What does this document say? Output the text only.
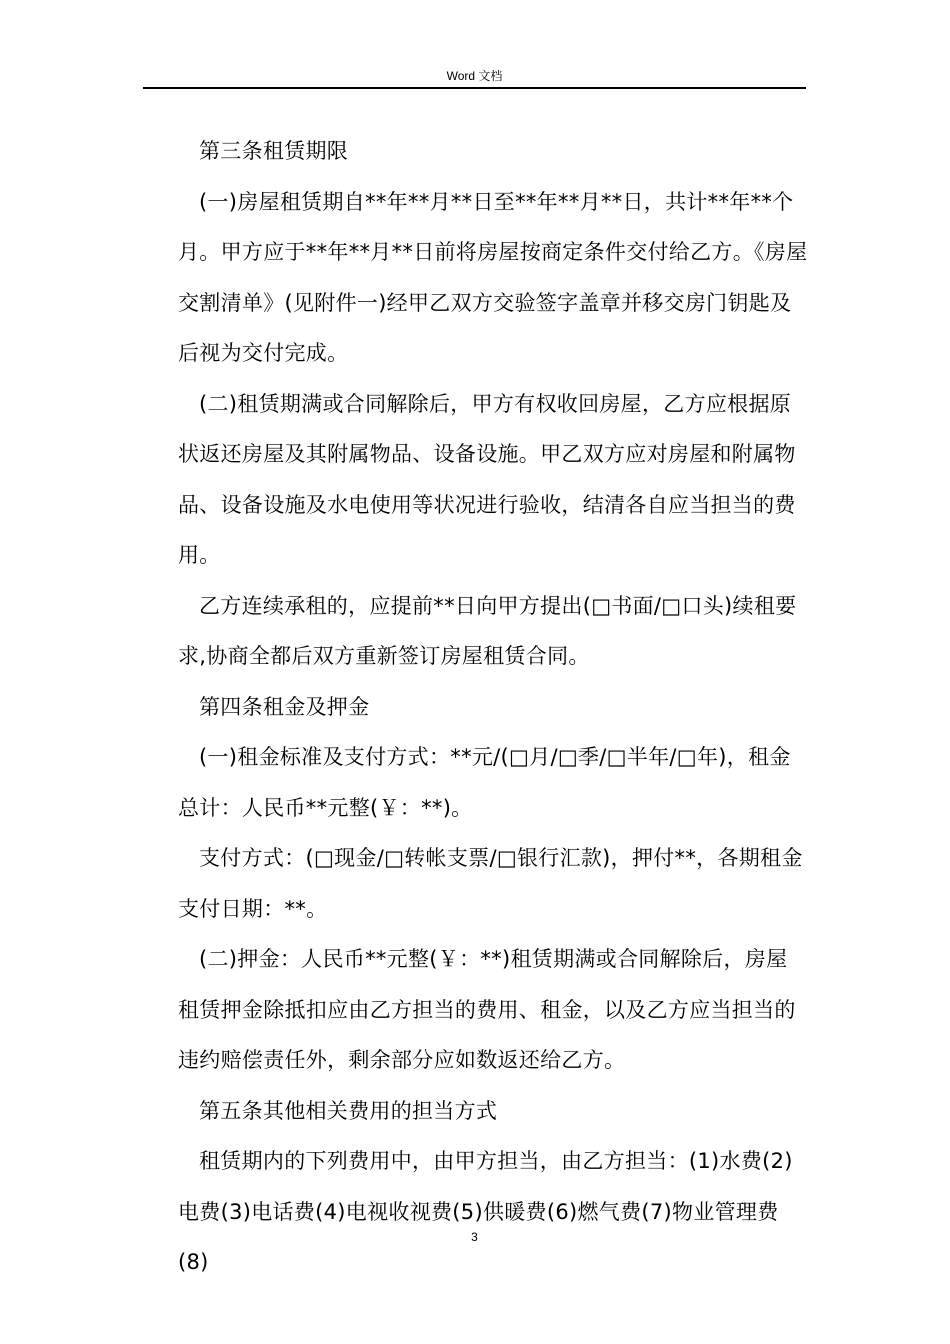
Word 文档

第三条租赁期限

(一)房屋租赁期自**年**月**日至**年**月**日，共计**年**个月。甲方应于**年**月**日前将房屋按商定条件交付给乙方。《房屋交割清单》(见附件一)经甲乙双方交验签字盖章并移交房门钥匙及后视为交付完成。

(二)租赁期满或合同解除后，甲方有权收回房屋，乙方应根据原状返还房屋及其附属物品、设备设施。甲乙双方应对房屋和附属物品、设备设施及水电使用等状况进行验收，结清各自应当担当的费用。

乙方连续承租的，应提前**日向甲方提出(□书面/□口头)续租要求,协商全都后双方重新签订房屋租赁合同。

第四条租金及押金

(一)租金标准及支付方式：**元/(□月/□季/□半年/□年)，租金总计：人民币**元整(￥：**)。

支付方式：(□现金/□转帐支票/□银行汇款)，押付**，各期租金支付日期：**。

(二)押金：人民币**元整(￥：**)租赁期满或合同解除后，房屋租赁押金除抵扣应由乙方担当的费用、租金，以及乙方应当担当的违约赔偿责任外，剩余部分应如数返还给乙方。

第五条其他相关费用的担当方式

租赁期内的下列费用中，由甲方担当，由乙方担当：(1)水费(2)电费(3)电话费(4)电视收视费(5)供暖费(6)燃气费(7)物业管理费(8)

3
